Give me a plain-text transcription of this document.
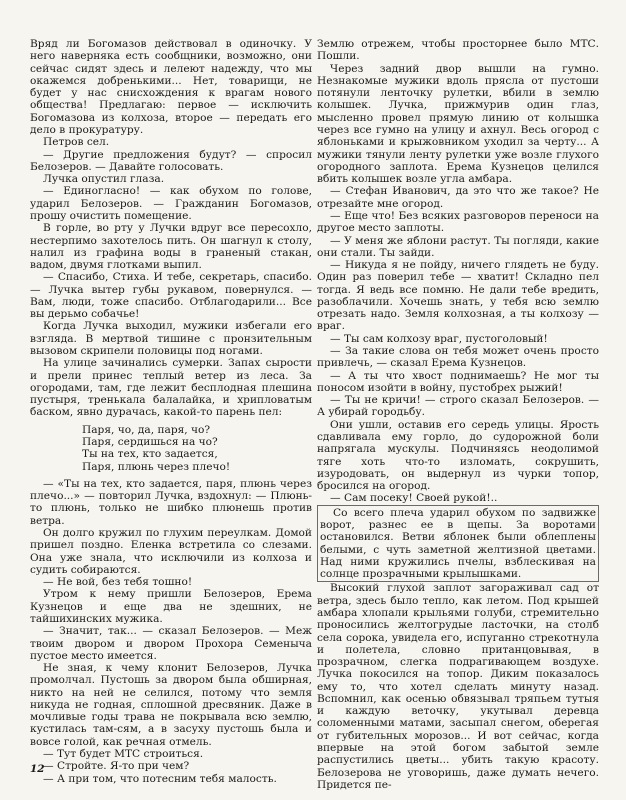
Вряд ли Богомазов действовал в одиночку. У него наверняка есть сообщники, возможно, они сейчас сидят здесь и лелеют надежду, что мы окажемся добренькими... Нет, товарищи, не будет у нас снисхождения к врагам нового общества! Предлагаю: первое — исключить Богомазова из колхоза, второе — передать его дело в прокуратуру.

Петров сел.

— Другие предложения будут? — спросил Белозеров. — Давайте голосовать.

Лучка опустил глаза.

— Единогласно! — как обухом по голове, ударил Белозеров. — Гражданин Богомазов, прошу очистить помещение.

В горле, во рту у Лучки вдруг все пересохло, нестерпимо захотелось пить. Он шагнул к столу, налил из графина воды в граненый стакан, вадом, двумя глотками выпил.

— Спасибо, Стиха. И тебе, секретарь, спасибо. — Лучка вытер губы рукавом, повернулся. — Вам, люди, тоже спасибо. Отблагодарили... Все вы дерьмо собачье!

Когда Лучка выходил, мужики избегали его взгляда. В мертвой тишине с пронзительным вызовом скрипели половицы под ногами.

На улице зачинались сумерки. Запах сырости и прели принес теплый ветер из леса. За огородами, там, где лежит бесплодная плешина пустыря, тренькала балалайка, и хрипловатым баском, явно дурачась, какой-то парень пел:

Паря, чо, да, паря, чо?
Паря, сердишься на чо?
Ты на тех, кто задается,
Паря, плюнь через плечо!

— «Ты на тех, кто задается, паря, плюнь через плечо...» — повторил Лучка, вздохнул: — Плюнь-то плюнь, только не шибко плюнешь против ветра.

Он долго кружил по глухим переулкам. Домой пришел поздно. Еленка встретила со слезами. Она уже знала, что исключили из колхоза и судить собираются.

— Не вой, без тебя тошно!

Утром к нему пришли Белозеров, Ерема Кузнецов и еще два не здешних, не тайшихинских мужика.

— Значит, так... — сказал Белозеров. — Меж твоим двором и двором Прохора Семеныча пустое место имеется.

Не зная, к чему клонит Белозеров, Лучка промолчал. Пустошь за двором была обширная, никто на ней не селился, потому что земля никуда не годная, сплошной дресвяник. Даже в мочливые годы трава не покрывала всю землю, кустилась там-сям, а в засуху пустошь была и вовсе голой, как речная отмель.

— Тут будет МТС строиться.

— Стройте. Я-то при чем?

— А при том, что потесним тебя малость.

Землю отрежем, чтобы просторнее было МТС. Пошли.

Через задний двор вышли на гумно. Незнакомые мужики вдоль прясла от пустоши потянули ленточку рулетки, вбили в землю колышек. Лучка, прижмурив один глаз, мысленно провел прямую линию от колышка через все гумно на улицу и ахнул. Весь огород с яблоньками и крыжовником уходил за черту... А мужики тянули ленту рулетки уже возле глухого огородного заплота. Ерема Кузнецов целился вбить колышек возле угла амбара.

— Стефан Иванович, да это что же такое? Не отрезайте мне огород.

— Еще что! Без всяких разговоров переноси на другое место заплоты.

— У меня же яблони растут. Ты погляди, какие они стали. Ты зайди.

— Никуда я не пойду, ничего глядеть не буду. Один раз поверил тебе — хватит! Складно пел тогда. Я ведь все помню. Не дали тебе вредить, разоблачили. Хочешь знать, у тебя всю землю отрезать надо. Земля колхозная, а ты колхозу — враг.

— Ты сам колхозу враг, пустоголовый!

— За такие слова он тебя может очень просто привлечь, — сказал Ерема Кузнецов.

— А ты что хвост поднимаешь? Не мог ты поносом изойти в войну, пустобрех рыжий!

— Ты не кричи! — строго сказал Белозеров. — А убирай городьбу.

Они ушли, оставив его середь улицы. Ярость сдавливала ему горло, до судорожной боли напрягала мускулы. Подчиняясь неодолимой тяге хоть что-то изломать, сокрушить, изуродовать, он выдернул из чурки топор, бросился на огород.

— Сам посеку! Своей рукой!..

Со всего плеча ударил обухом по задвижке ворот, разнес ее в щепы. За воротами остановился. Ветви яблонек были облеплены белыми, с чуть заметной желтизной цветами. Над ними кружились пчелы, взблескивая на солнце прозрачными крылышками.

Высокий глухой заплот загораживал сад от ветра, здесь было тепло, как летом. Под крышей амбара хлопали крыльями голуби, стремительно проносились желтогрудые ласточки, на столб села сорока, увидела его, испуганно стрекотнула и полетела, словно пританцовывая, в прозрачном, слегка подрагивающем воздухе. Лучка покосился на топор. Диким показалось ему то, что хотел сделать минуту назад. Вспомнил, как осенью обвязывал тряпьем тутыя и каждую веточку, укутывал деревца соломенными матами, засыпал снегом, оберегая от губительных морозов... И вот сейчас, когда впервые на этой богом забытой земле распустились цветы... убить такую красоту. Белозерова не уговоришь, даже думать нечего. Придется пе-

12
